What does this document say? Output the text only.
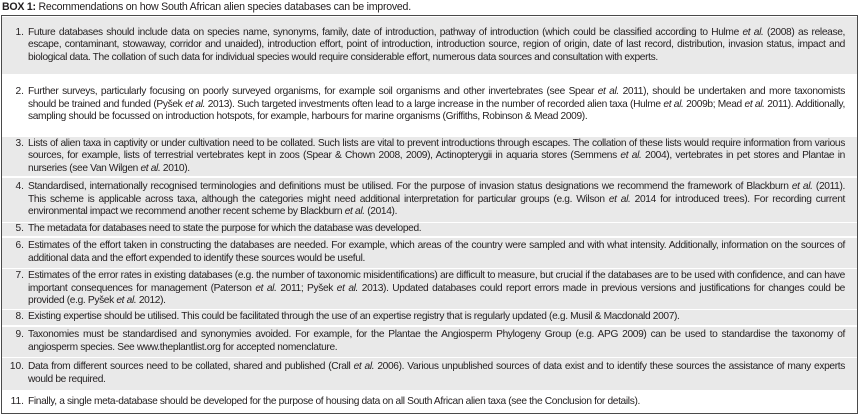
BOX 1: Recommendations on how South African alien species databases can be improved.
1. Future databases should include data on species name, synonyms, family, date of introduction, pathway of introduction (which could be classified according to Hulme et al. (2008) as release, escape, contaminant, stowaway, corridor and unaided), introduction effort, point of introduction, introduction source, region of origin, date of last record, distribution, invasion status, impact and biological data. The collation of such data for individual species would require considerable effort, numerous data sources and consultation with experts.
2. Further surveys, particularly focusing on poorly surveyed organisms, for example soil organisms and other invertebrates (see Spear et al. 2011), should be undertaken and more taxonomists should be trained and funded (Pyšek et al. 2013). Such targeted investments often lead to a large increase in the number of recorded alien taxa (Hulme et al. 2009b; Mead et al. 2011). Additionally, sampling should be focussed on introduction hotspots, for example, harbours for marine organisms (Griffiths, Robinson & Mead 2009).
3. Lists of alien taxa in captivity or under cultivation need to be collated. Such lists are vital to prevent introductions through escapes. The collation of these lists would require information from various sources, for example, lists of terrestrial vertebrates kept in zoos (Spear & Chown 2008, 2009), Actinopterygii in aquaria stores (Semmens et al. 2004), vertebrates in pet stores and Plantae in nurseries (see Van Wilgen et al. 2010).
4. Standardised, internationally recognised terminologies and definitions must be utilised. For the purpose of invasion status designations we recommend the framework of Blackburn et al. (2011). This scheme is applicable across taxa, although the categories might need additional interpretation for particular groups (e.g. Wilson et al. 2014 for introduced trees). For recording current environmental impact we recommend another recent scheme by Blackburn et al. (2014).
5. The metadata for databases need to state the purpose for which the database was developed.
6. Estimates of the effort taken in constructing the databases are needed. For example, which areas of the country were sampled and with what intensity. Additionally, information on the sources of additional data and the effort expended to identify these sources would be useful.
7. Estimates of the error rates in existing databases (e.g. the number of taxonomic misidentifications) are difficult to measure, but crucial if the databases are to be used with confidence, and can have important consequences for management (Paterson et al. 2011; Pyšek et al. 2013). Updated databases could report errors made in previous versions and justifications for changes could be provided (e.g. Pyšek et al. 2012).
8. Existing expertise should be utilised. This could be facilitated through the use of an expertise registry that is regularly updated (e.g. Musil & Macdonald 2007).
9. Taxonomies must be standardised and synonymies avoided. For example, for the Plantae the Angiosperm Phylogeny Group (e.g. APG 2009) can be used to standardise the taxonomy of angiosperm species. See www.theplantlist.org for accepted nomenclature.
10. Data from different sources need to be collated, shared and published (Crall et al. 2006). Various unpublished sources of data exist and to identify these sources the assistance of many experts would be required.
11. Finally, a single meta-database should be developed for the purpose of housing data on all South African alien taxa (see the Conclusion for details).
